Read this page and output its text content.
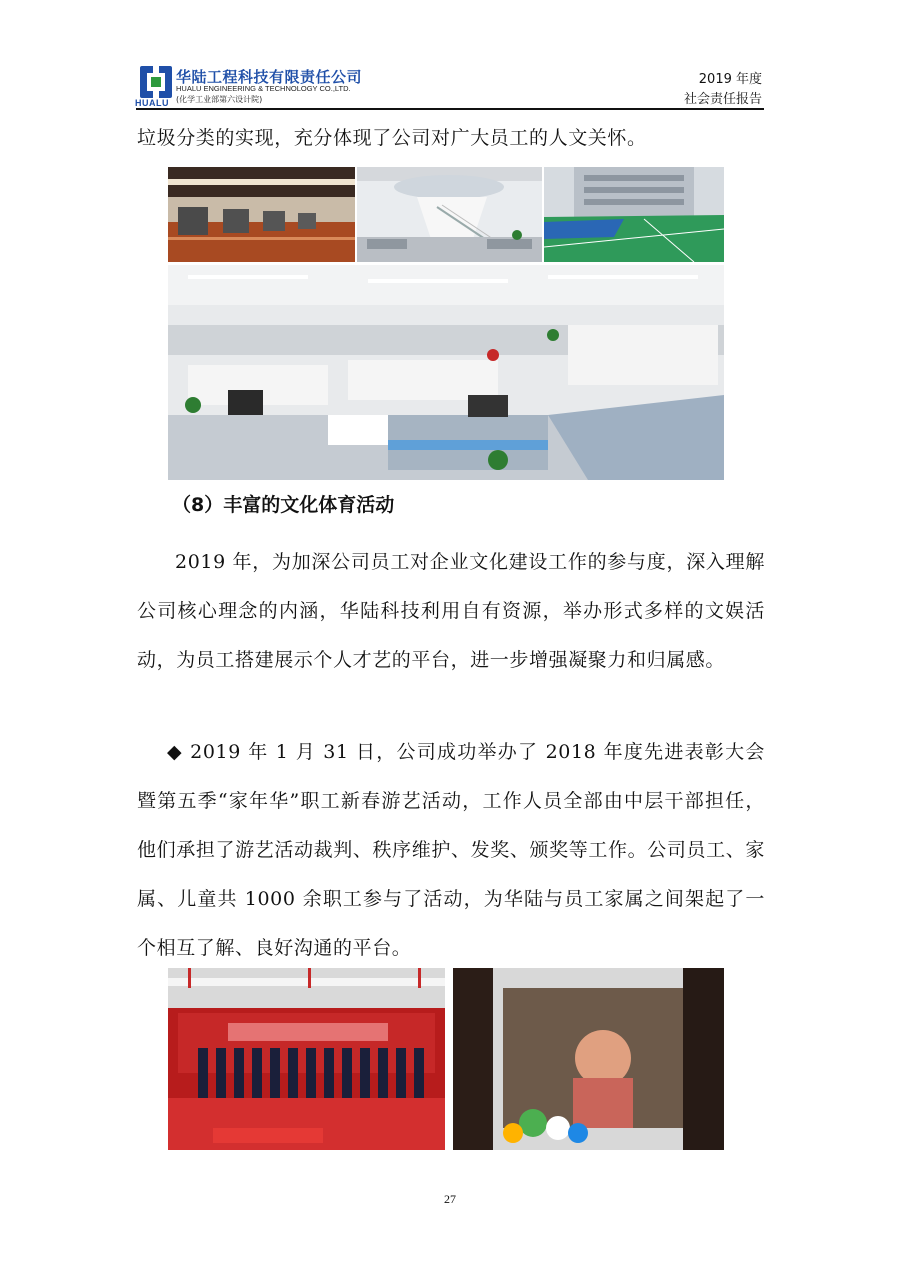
HUALU
华陆工程科技有限责任公司
HUALU ENGINEERING & TECHNOLOGY CO.,LTD.
(化学工业部第六设计院)
2019 年度
社会责任报告
垃圾分类的实现，充分体现了公司对广大员工的人文关怀。
（8）丰富的文化体育活动
2019 年，为加深公司员工对企业文化建设工作的参与度，深入理解公司核心理念的内涵，华陆科技利用自有资源，举办形式多样的文娱活动，为员工搭建展示个人才艺的平台，进一步增强凝聚力和归属感。
◆ 2019 年 1 月 31 日，公司成功举办了 2018 年度先进表彰大会暨第五季“家年华”职工新春游艺活动，工作人员全部由中层干部担任，他们承担了游艺活动裁判、秩序维护、发奖、颁奖等工作。公司员工、家属、儿童共 1000 余职工参与了活动，为华陆与员工家属之间架起了一个相互了解、良好沟通的平台。
27
